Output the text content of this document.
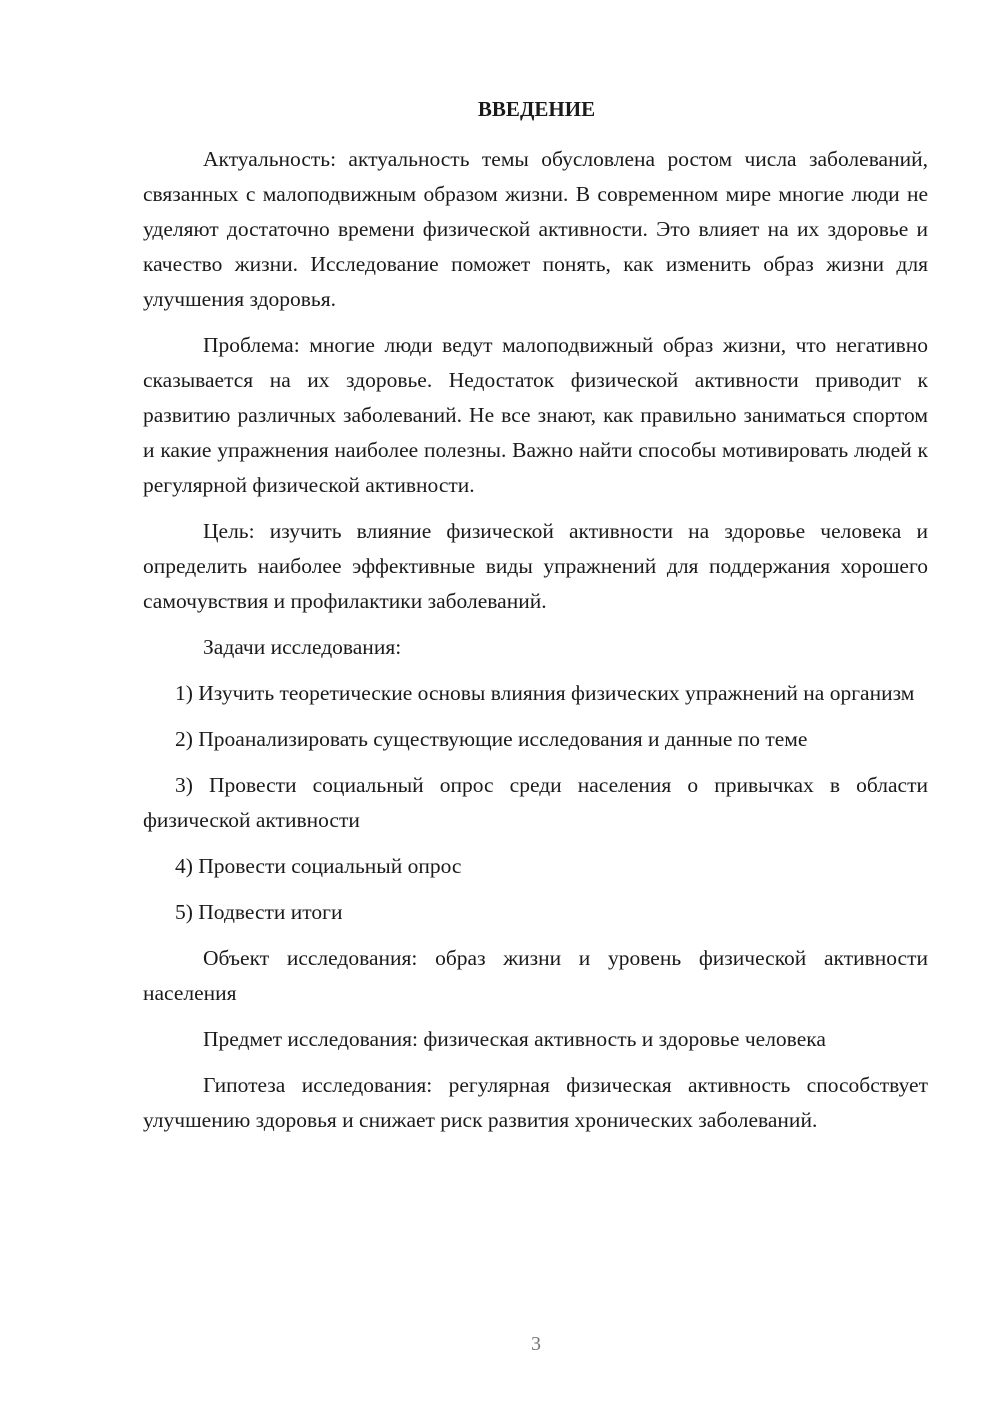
ВВЕДЕНИЕ

Актуальность: актуальность темы обусловлена ростом числа заболеваний, связанных с малоподвижным образом жизни. В современном мире многие люди не уделяют достаточно времени физической активности. Это влияет на их здоровье и качество жизни. Исследование поможет понять, как изменить образ жизни для улучшения здоровья.

Проблема: многие люди ведут малоподвижный образ жизни, что негативно сказывается на их здоровье. Недостаток физической активности приводит к развитию различных заболеваний. Не все знают, как правильно заниматься спортом и какие упражнения наиболее полезны. Важно найти способы мотивировать людей к регулярной физической активности.

Цель: изучить влияние физической активности на здоровье человека и определить наиболее эффективные виды упражнений для поддержания хорошего самочувствия и профилактики заболеваний.

Задачи исследования:

1) Изучить теоретические основы влияния физических упражнений на организм

2) Проанализировать существующие исследования и данные по теме

3) Провести социальный опрос среди населения о привычках в области физической активности

4) Провести социальный опрос

5) Подвести итоги

Объект исследования: образ жизни и уровень физической активности населения

Предмет исследования: физическая активность и здоровье человека

Гипотеза исследования: регулярная физическая активность способствует улучшению здоровья и снижает риск развития хронических заболеваний.

3
